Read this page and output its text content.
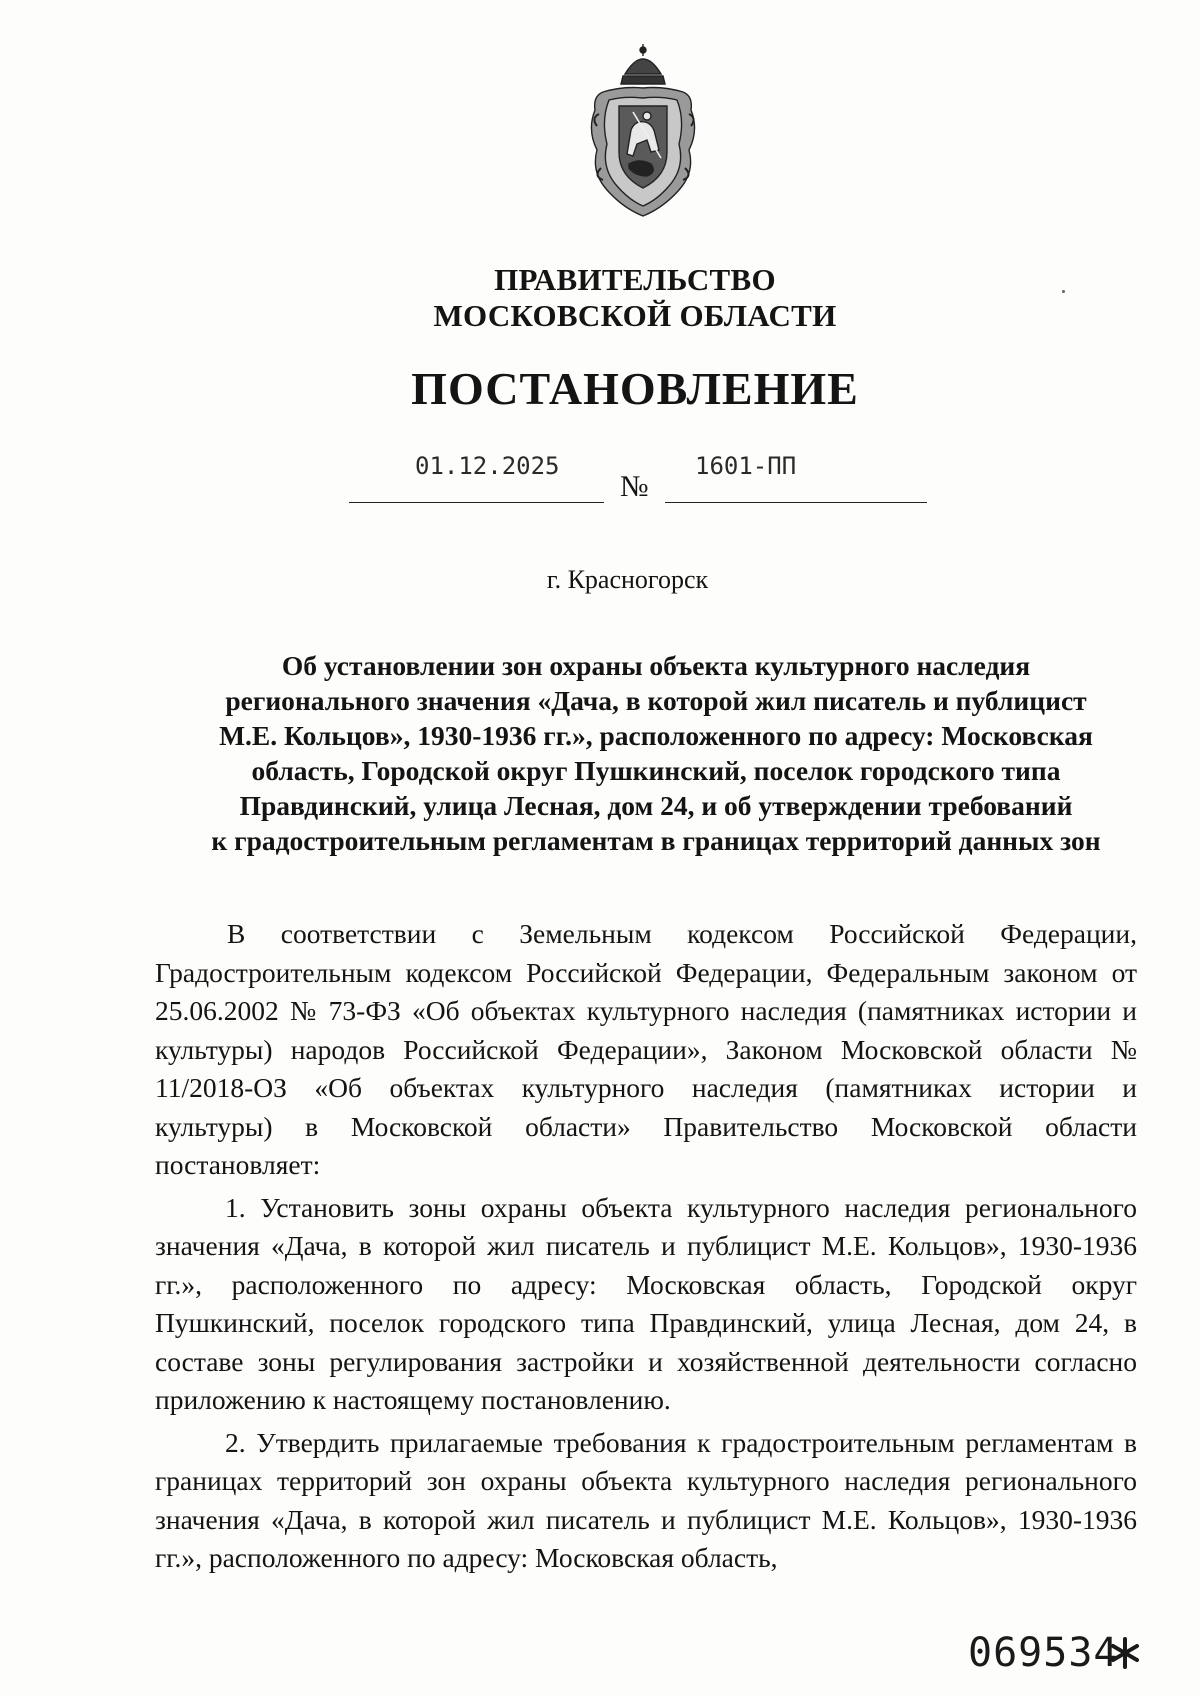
ПРАВИТЕЛЬСТВО
МОСКОВСКОЙ ОБЛАСТИ
ПОСТАНОВЛЕНИЕ
01.12.2025
№
1601-ПП
г. Красногорск
Об установлении зон охраны объекта культурного наследия
регионального значения «Дача, в которой жил писатель и публицист
М.Е. Кольцов», 1930-1936 гг.», расположенного по адресу: Московская
область, Городской округ Пушкинский, поселок городского типа
Правдинский, улица Лесная, дом 24, и об утверждении требований
к градостроительным регламентам в границах территорий данных зон

В соответствии с Земельным кодексом Российской Федерации, Градостроительным кодексом Российской Федерации, Федеральным законом от 25.06.2002 № 73-ФЗ «Об объектах культурного наследия (памятниках истории и культуры) народов Российской Федерации», Законом Московской области № 11/2018-ОЗ «Об объектах культурного наследия (памятниках истории и культуры) в Московской области» Правительство Московской области постановляет:

1. Установить зоны охраны объекта культурного наследия регионального значения «Дача, в которой жил писатель и публицист М.Е. Кольцов», 1930-1936 гг.», расположенного по адресу: Московская область, Городской округ Пушкинский, поселок городского типа Правдинский, улица Лесная, дом 24, в составе зоны регулирования застройки и хозяйственной деятельности согласно приложению к настоящему постановлению.

2. Утвердить прилагаемые требования к градостроительным регламентам в границах территорий зон охраны объекта культурного наследия регионального значения «Дача, в которой жил писатель и публицист М.Е. Кольцов», 1930-1936 гг.», расположенного по адресу: Московская область,

069534
